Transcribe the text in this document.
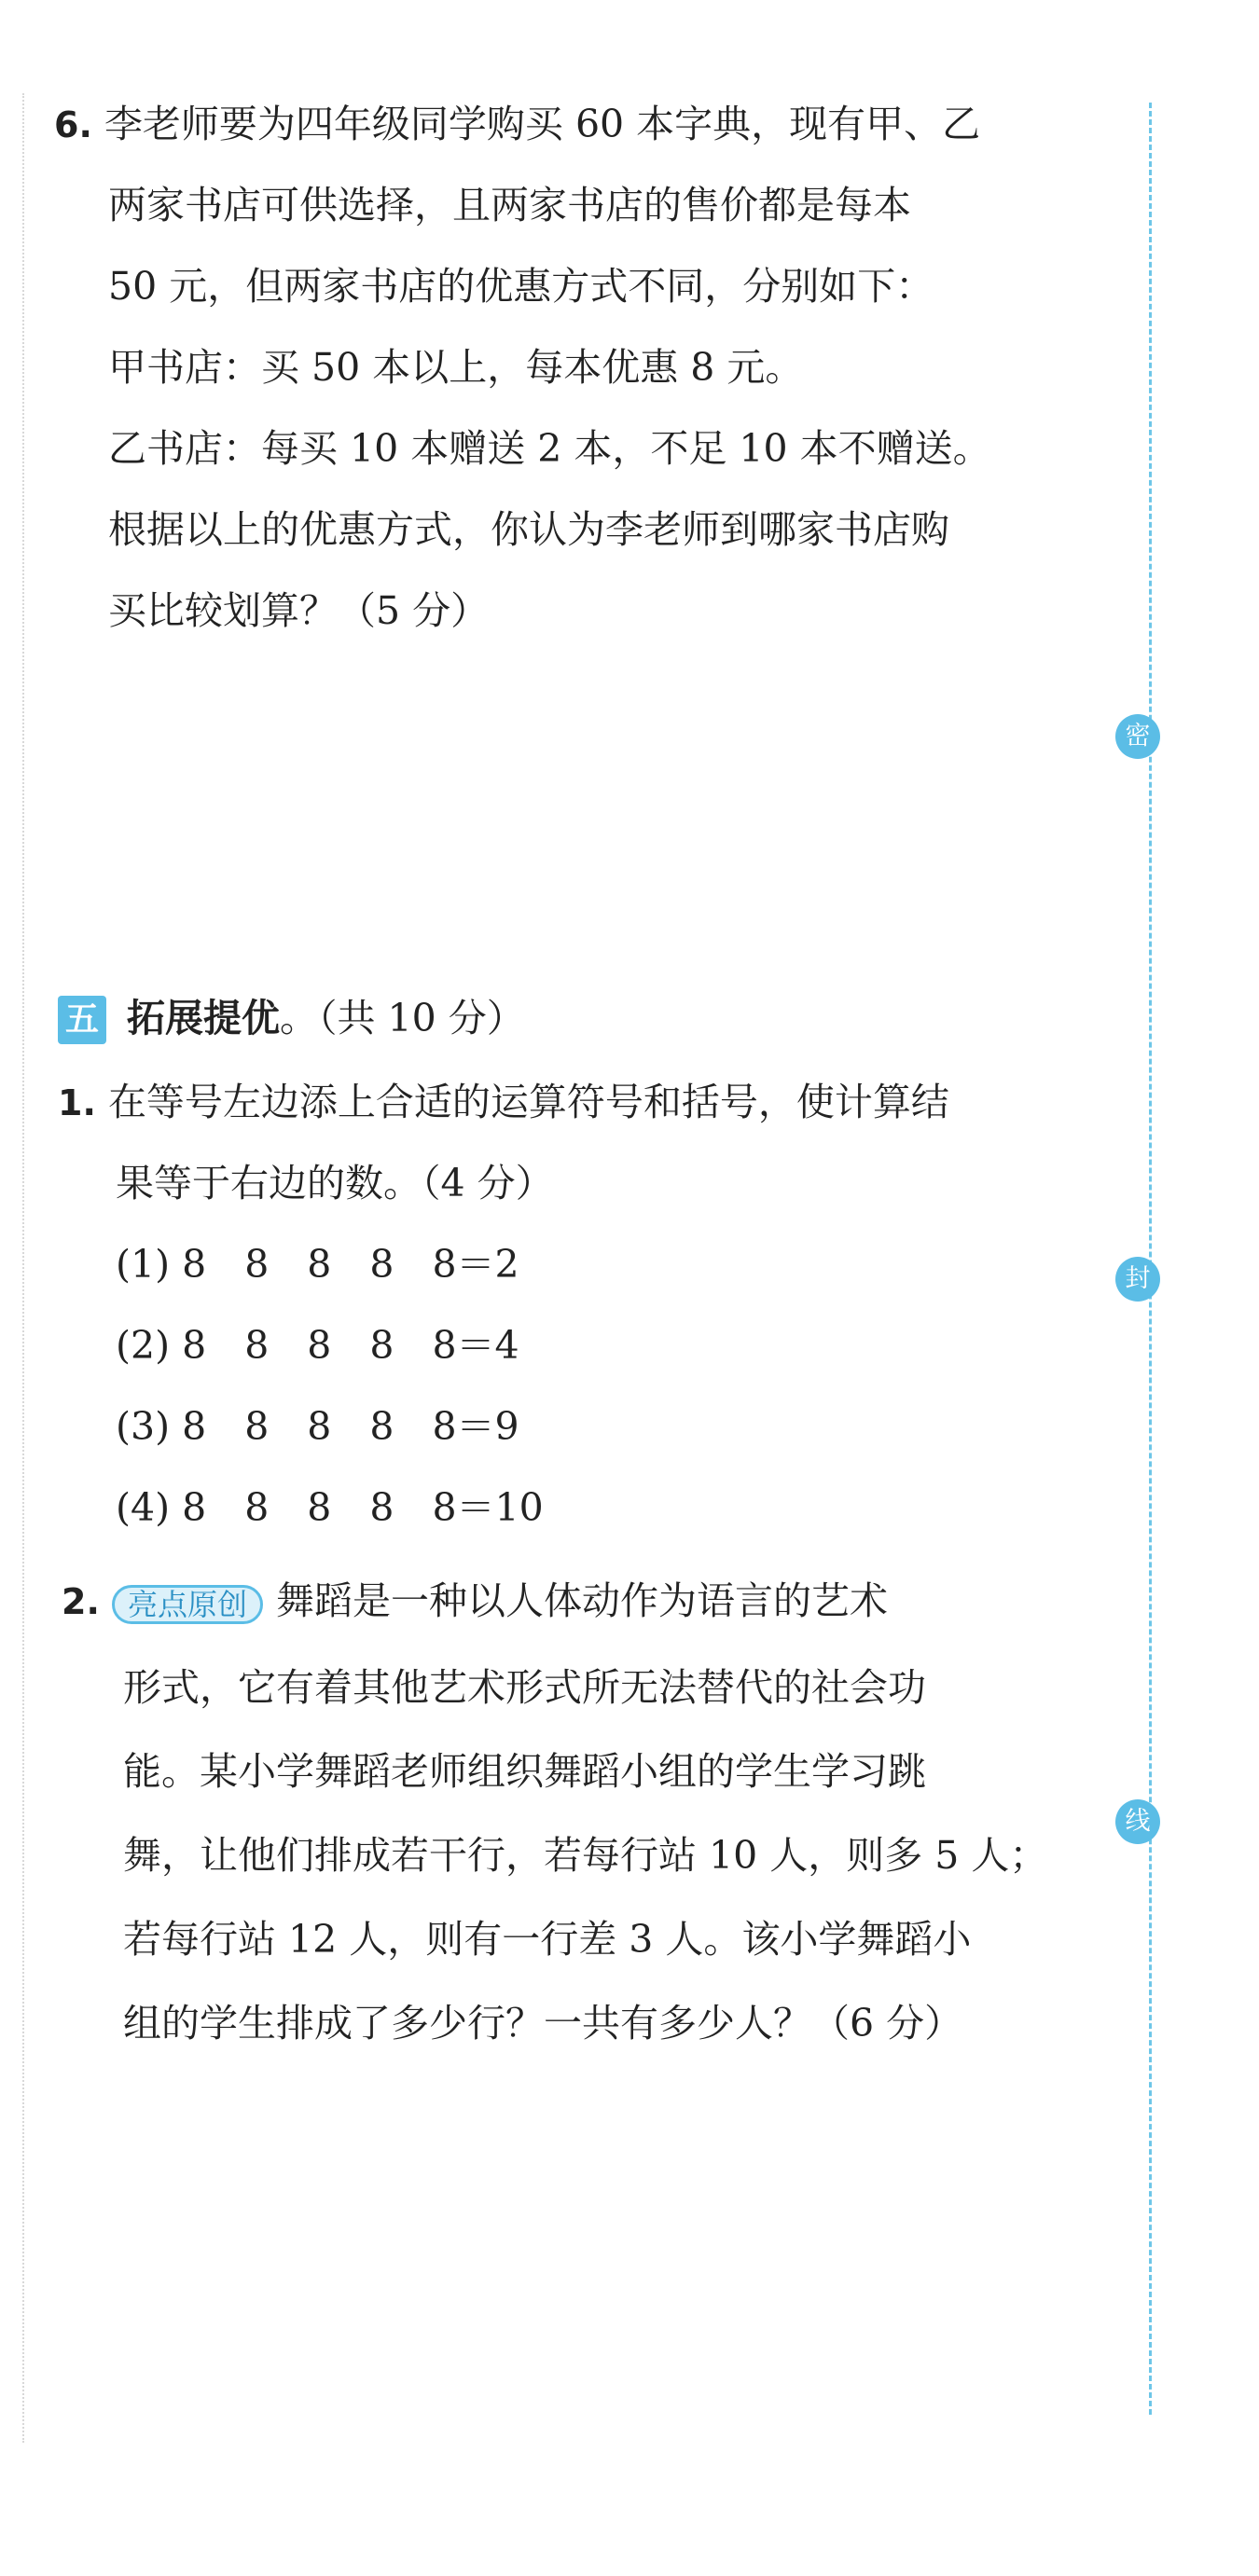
密
封
线
6. 李老师要为四年级同学购买 60 本字典，现有甲、乙
两家书店可供选择，且两家书店的售价都是每本
50 元，但两家书店的优惠方式不同，分别如下：
甲书店：买 50 本以上，每本优惠 8 元。
乙书店：每买 10 本赠送 2 本，不足 10 本不赠送。
根据以上的优惠方式，你认为李老师到哪家书店购
买比较划算？（5 分）
五 拓展提优。（共 10 分）
1. 在等号左边添上合适的运算符号和括号，使计算结
果等于右边的数。（4 分）
(1) 8　8　8　8　8＝2
(2) 8　8　8　8　8＝4
(3) 8　8　8　8　8＝9
(4) 8　8　8　8　8＝10
2. 亮点原创 舞蹈是一种以人体动作为语言的艺术
形式，它有着其他艺术形式所无法替代的社会功
能。某小学舞蹈老师组织舞蹈小组的学生学习跳
舞，让他们排成若干行，若每行站 10 人，则多 5 人；
若每行站 12 人，则有一行差 3 人。该小学舞蹈小
组的学生排成了多少行？一共有多少人？（6 分）
